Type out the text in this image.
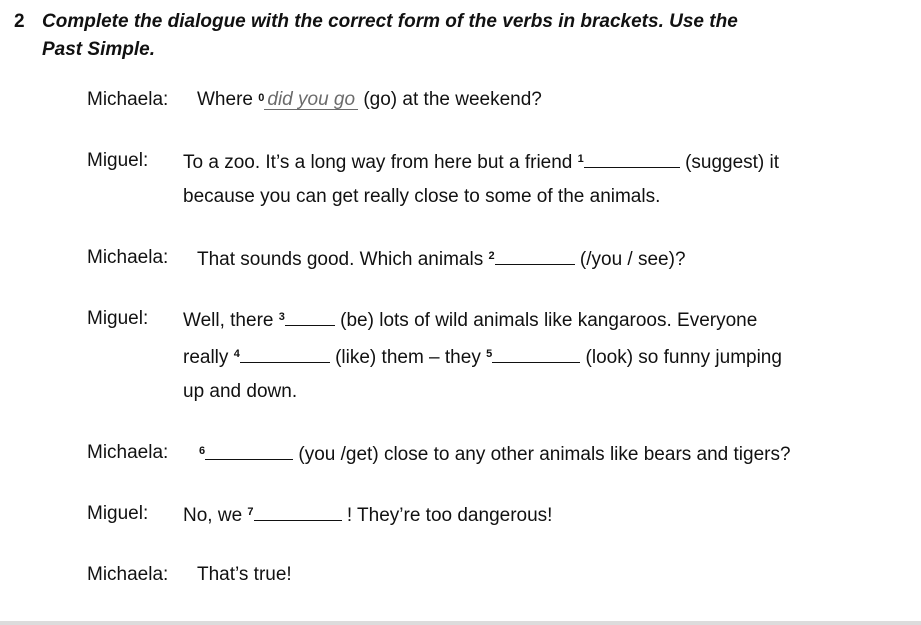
2 Complete the dialogue with the correct form of the verbs in brackets. Use the
Past Simple.
Michaela: Where $^0$ did you go (go) at the weekend?
Miguel: To a zoo. It’s a long way from here but a friend $^1$	(suggest) it
because you can get really close to some of the animals.
Michaela: That sounds good. Which animals $^2$	(/you / see)?
Miguel: Well, there $^3$	(be) lots of wild animals like kangaroos. Everyone
really $^4$	(like) them – they $^5$	(look) so funny jumping
up and down.
Michaela:	$^6$	(you /get) close to any other animals like bears and tigers?
Miguel: No, we $^7$	! They’re too dangerous!
Michaela: That’s true!
